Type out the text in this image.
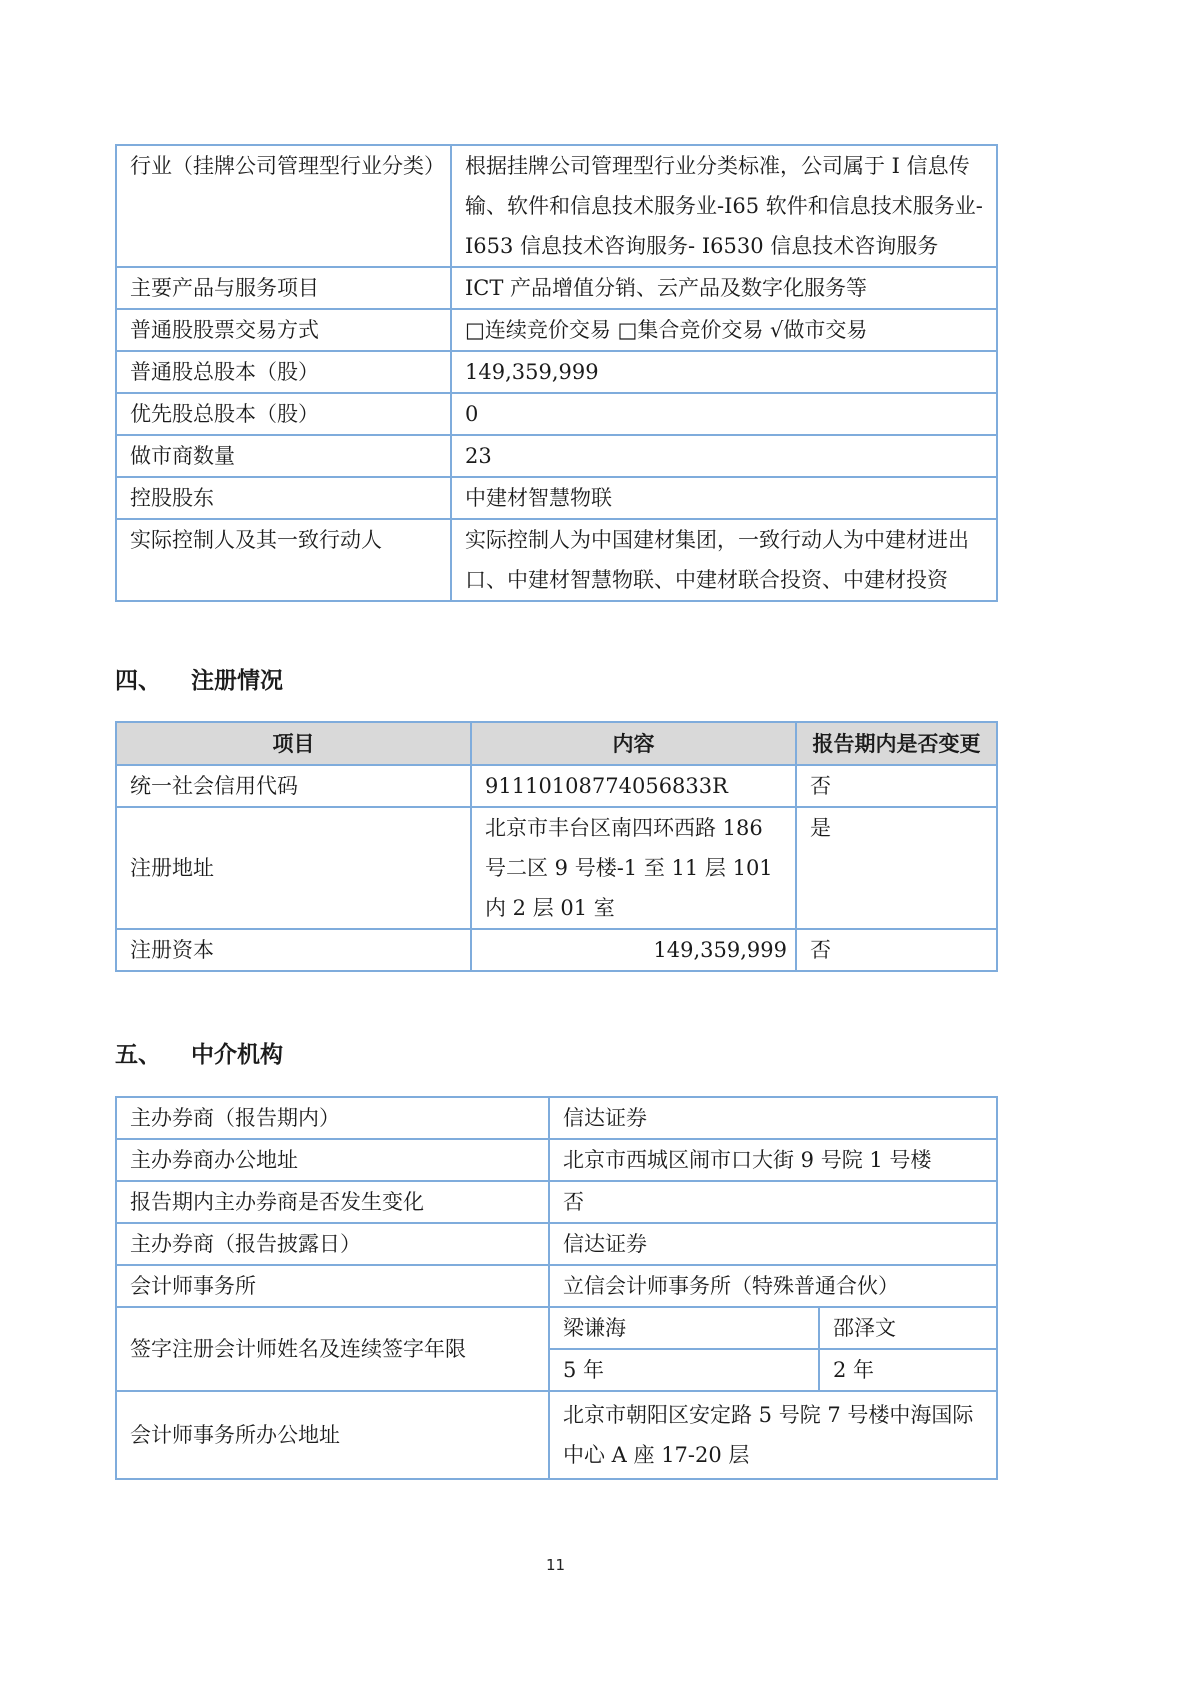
行业（挂牌公司管理型行业分类）	根据挂牌公司管理型行业分类标准，公司属于 I 信息传输、软件和信息技术服务业-I65 软件和信息技术服务业-I653 信息技术咨询服务- I6530 信息技术咨询服务
主要产品与服务项目	ICT 产品增值分销、云产品及数字化服务等
普通股股票交易方式	□连续竞价交易 □集合竞价交易 √做市交易
普通股总股本（股）	149,359,999
优先股总股本（股）	0
做市商数量	23
控股股东	中建材智慧物联
实际控制人及其一致行动人	实际控制人为中国建材集团，一致行动人为中建材进出口、中建材智慧物联、中建材联合投资、中建材投资
四、 注册情况
项目	内容	报告期内是否变更
统一社会信用代码	91110108774056833R	否
注册地址	北京市丰台区南四环西路 186 号二区 9 号楼-1 至 11 层 101 内 2 层 01 室	是
注册资本	149,359,999	否
五、 中介机构
主办券商（报告期内）	信达证券	
主办券商办公地址	北京市西城区闹市口大街 9 号院 1 号楼	
报告期内主办券商是否发生变化	否	
主办券商（报告披露日）	信达证券	
会计师事务所	立信会计师事务所（特殊普通合伙）	
签字注册会计师姓名及连续签字年限	梁谦海	邵泽文
	5 年	2 年
会计师事务所办公地址	北京市朝阳区安定路 5 号院 7 号楼中海国际中心 A 座 17-20 层	
11
